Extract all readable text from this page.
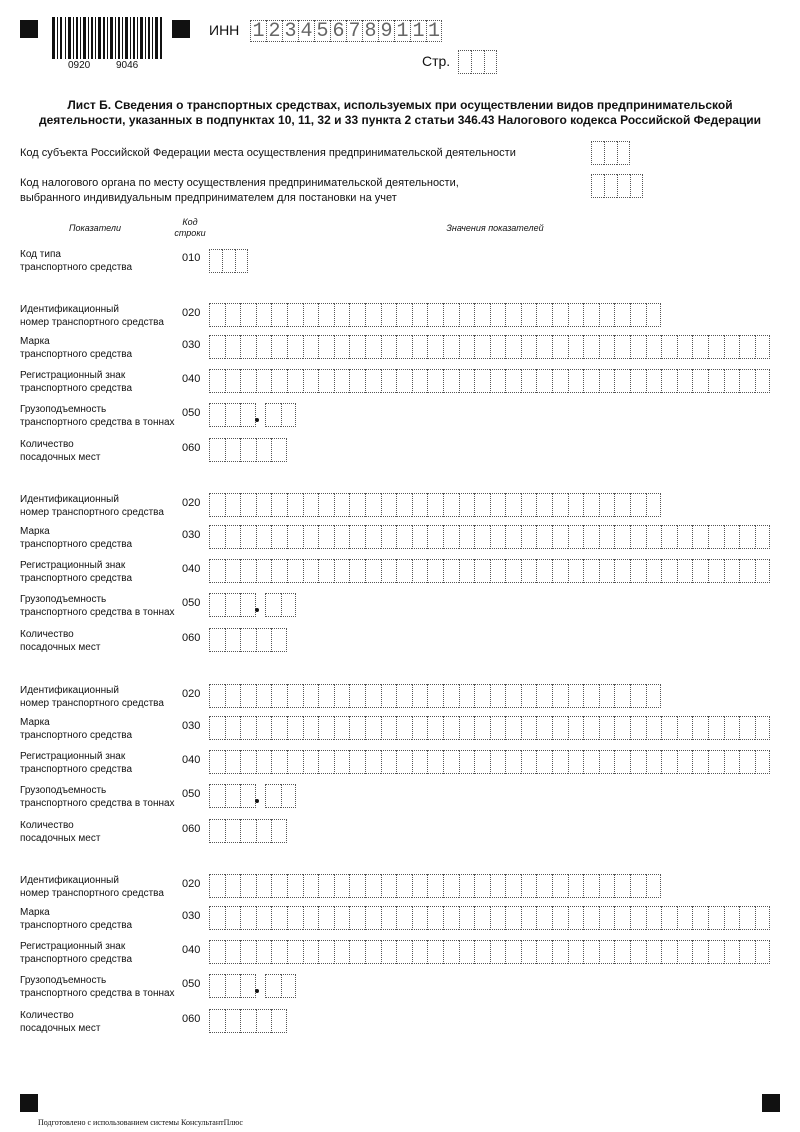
0920	9046
ИНН 1 2 3 4 5 6 7 8 9 1 1 1
Стр.
Лист Б. Сведения о транспортных средствах, используемых при осуществлении видов предпринимательской
деятельности, указанных в подпунктах 10, 11, 32 и 33 пункта 2 статьи 346.43 Налогового кодекса Российской Федерации
Код субъекта Российской Федерации места осуществления предпринимательской деятельности
Код налогового органа по месту осуществления предпринимательской деятельности,
выбранного индивидуальным предпринимателем для постановки на учет
Показатели
Код
строки	Значения показателей
Код типа
транспортного средства
010
Идентификационный
номер транспортного средства
020
Марка
транспортного средства
030
Регистрационный знак
транспортного средства
040
Грузоподъемность
транспортного средства в тоннах
050
Количество
посадочных мест
060
Идентификационный
номер транспортного средства
020
Марка
транспортного средства
030
Регистрационный знак
транспортного средства
040
Грузоподъемность
транспортного средства в тоннах
050
Количество
посадочных мест
060
Идентификационный
номер транспортного средства
020
Марка
транспортного средства
030
Регистрационный знак
транспортного средства
040
Грузоподъемность
транспортного средства в тоннах
050
Количество
посадочных мест
060
Идентификационный
номер транспортного средства
020
Марка
транспортного средства
030
Регистрационный знак
транспортного средства
040
Грузоподъемность
транспортного средства в тоннах
050
Количество
посадочных мест
060
Подготовлено с использованием системы КонсультантПлюс
